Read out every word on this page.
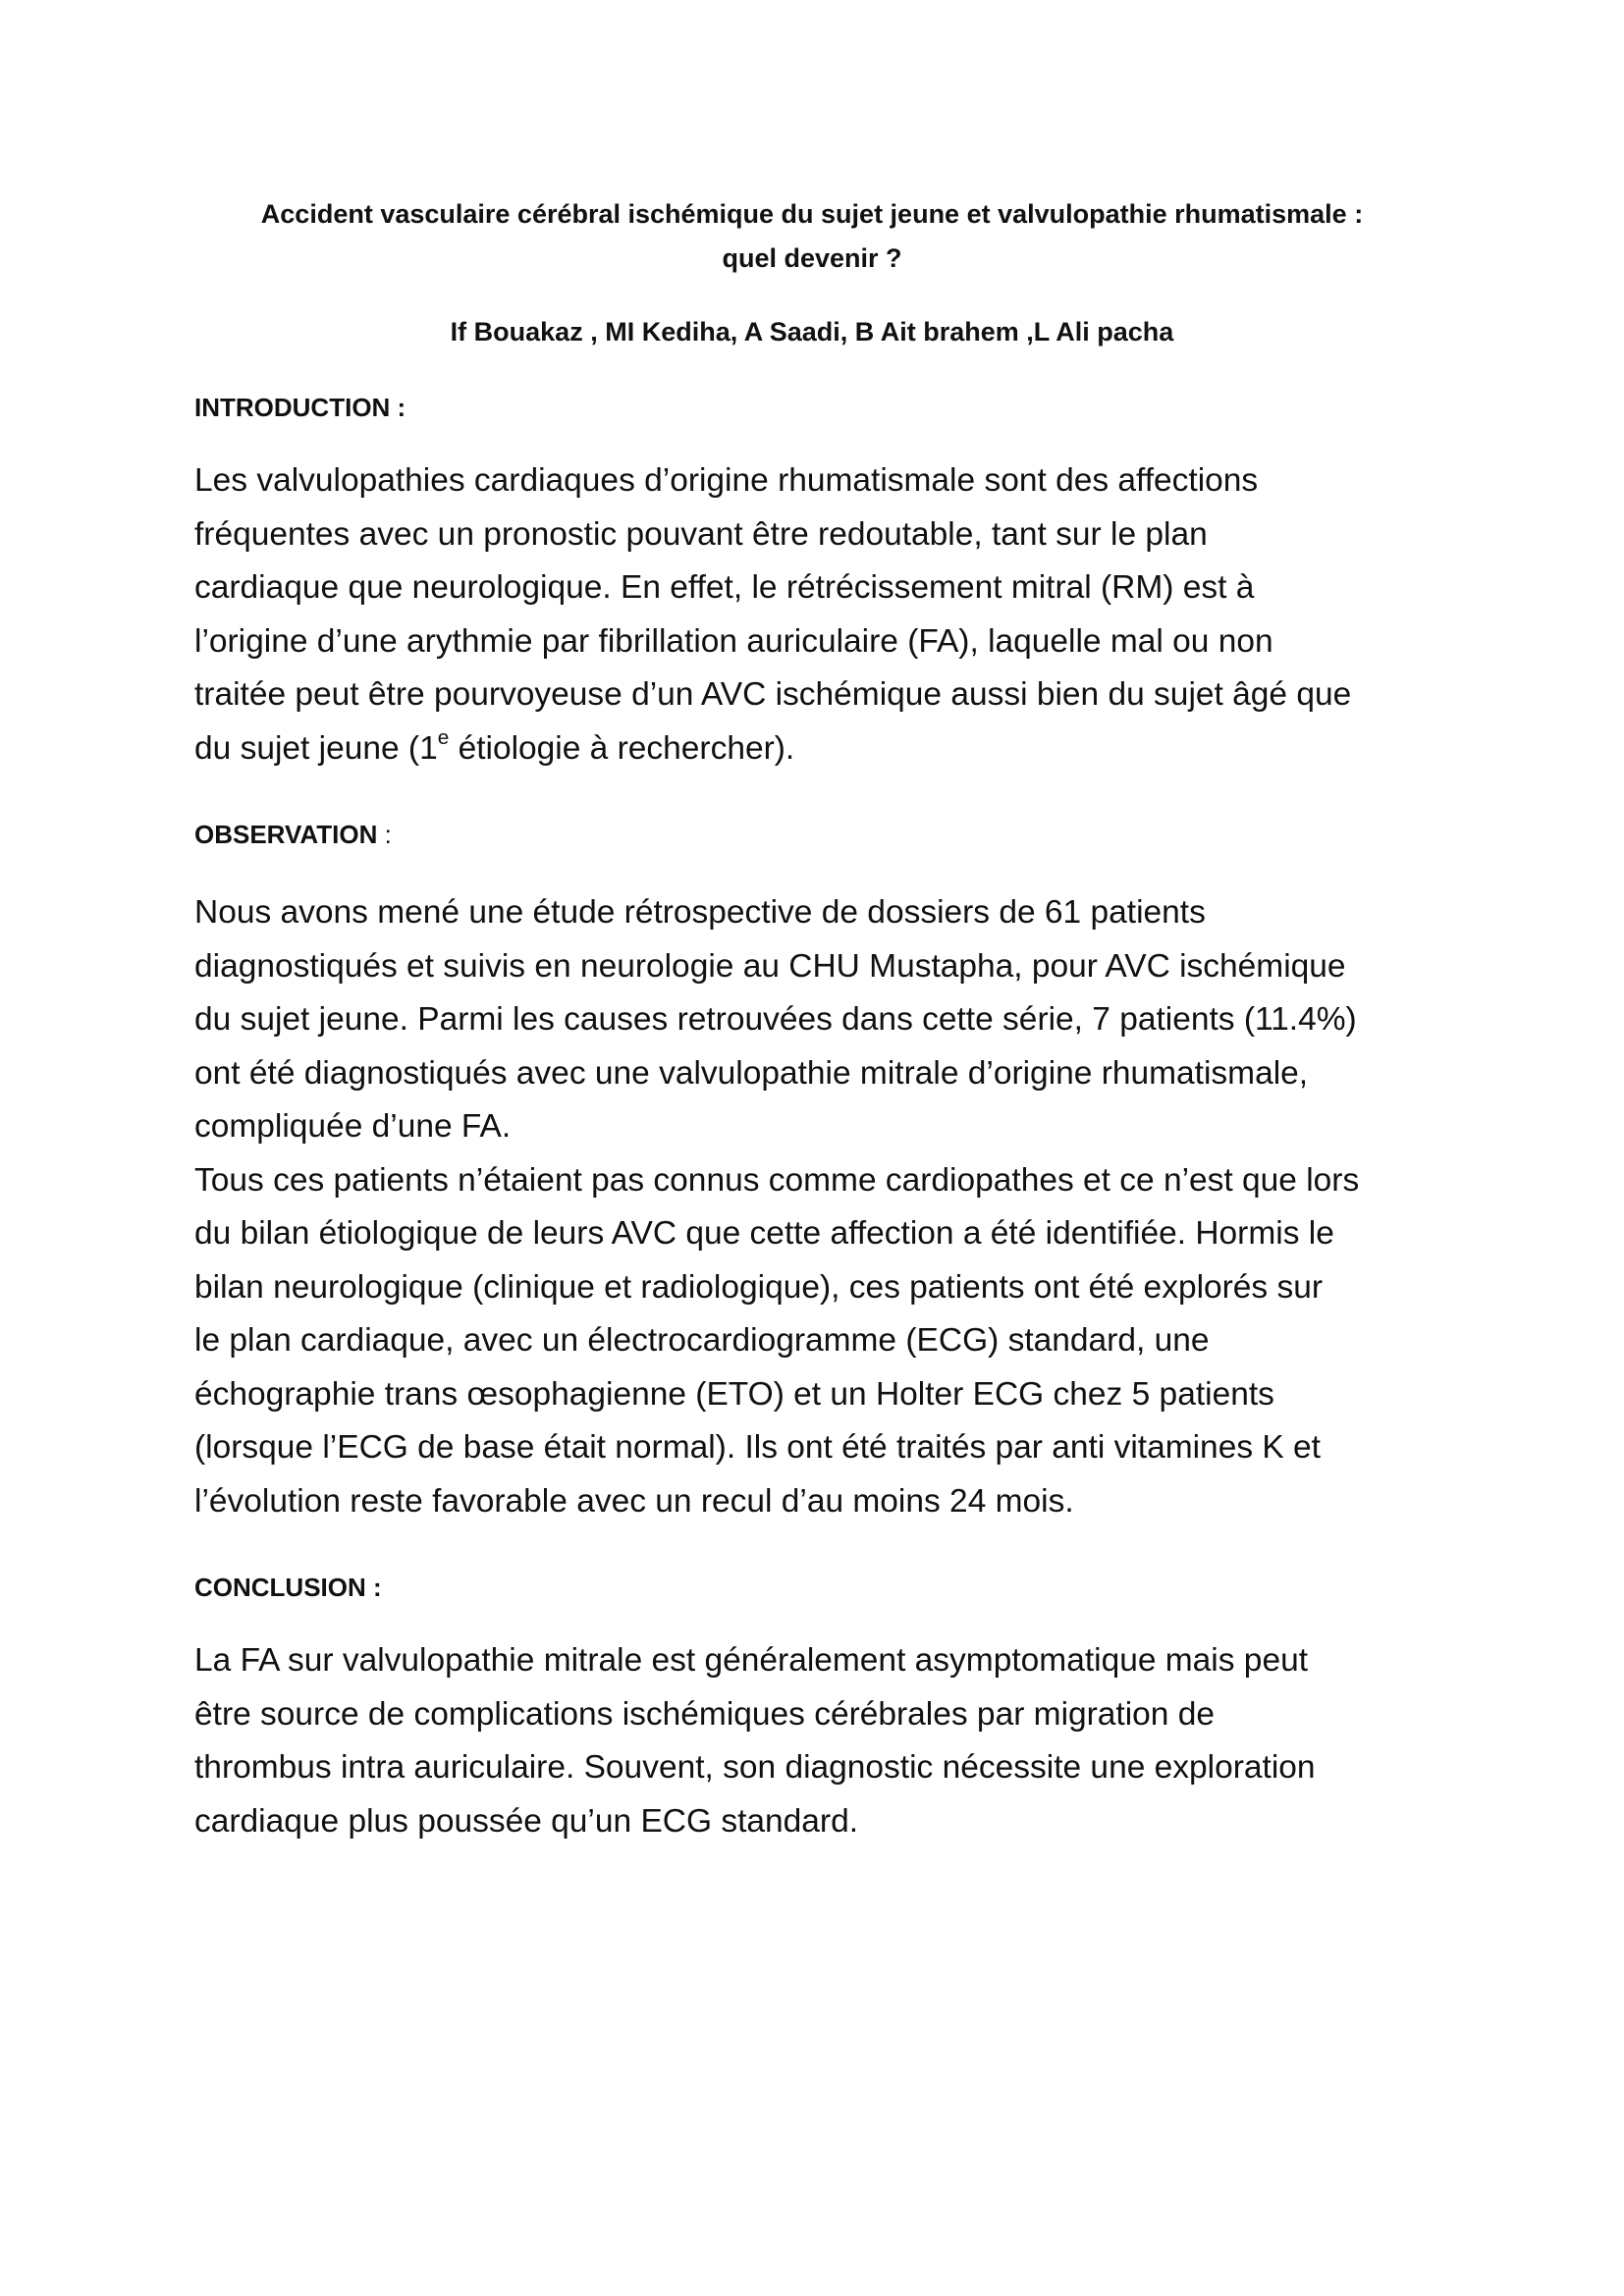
Accident vasculaire cérébral ischémique du sujet jeune et valvulopathie rhumatismale :
quel devenir ?

If Bouakaz , MI Kediha, A Saadi, B Ait brahem ,L Ali pacha

INTRODUCTION :

Les valvulopathies cardiaques d’origine rhumatismale sont des affections
fréquentes avec un pronostic pouvant être redoutable, tant sur le plan
cardiaque que neurologique. En effet, le rétrécissement mitral (RM) est à
l’origine d’une arythmie par fibrillation auriculaire (FA), laquelle mal ou non
traitée peut être pourvoyeuse d’un AVC ischémique aussi bien du sujet âgé que
du sujet jeune (1e étiologie à rechercher).

OBSERVATION :

Nous avons mené une étude rétrospective de dossiers de 61 patients
diagnostiqués et suivis en neurologie au CHU Mustapha, pour AVC ischémique
du sujet jeune. Parmi les causes retrouvées dans cette série, 7 patients (11.4%)
ont été diagnostiqués avec une valvulopathie mitrale d’origine rhumatismale,
compliquée d’une FA.
Tous ces patients n’étaient pas connus comme cardiopathes et ce n’est que lors
du bilan étiologique de leurs AVC que cette affection a été identifiée. Hormis le
bilan neurologique (clinique et radiologique), ces patients ont été explorés sur
le plan cardiaque, avec un électrocardiogramme (ECG) standard, une
échographie trans œsophagienne (ETO) et un Holter ECG chez 5 patients
(lorsque l’ECG de base était normal). Ils ont été traités par anti vitamines K et
l’évolution reste favorable avec un recul d’au moins 24 mois.

CONCLUSION :

La FA sur valvulopathie mitrale est généralement asymptomatique mais peut
être source de complications ischémiques cérébrales par migration de
thrombus intra auriculaire. Souvent, son diagnostic nécessite une exploration
cardiaque plus poussée qu’un ECG standard.
